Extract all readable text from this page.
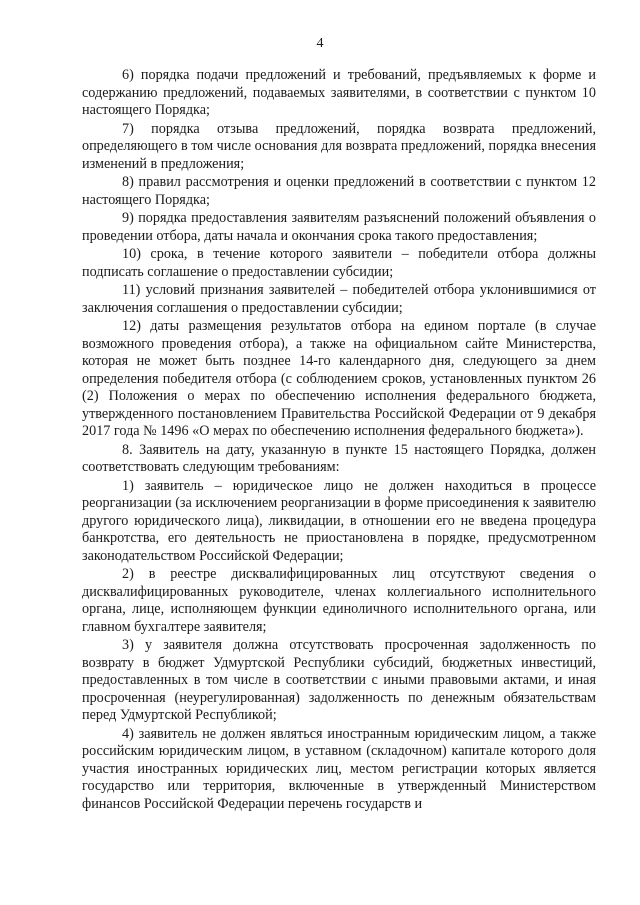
4

6) порядка подачи предложений и требований, предъявляемых к форме и содержанию предложений, подаваемых заявителями, в соответствии с пунктом 10 настоящего Порядка;

7) порядка отзыва предложений, порядка возврата предложений, определяющего в том числе основания для возврата предложений, порядка внесения изменений в предложения;

8) правил рассмотрения и оценки предложений в соответствии с пунктом 12 настоящего Порядка;

9) порядка предоставления заявителям разъяснений положений объявления о проведении отбора, даты начала и окончания срока такого предоставления;

10) срока, в течение которого заявители – победители отбора должны подписать соглашение о предоставлении субсидии;

11) условий признания заявителей – победителей отбора уклонившимися от заключения соглашения о предоставлении субсидии;

12) даты размещения результатов отбора на едином портале (в случае возможного проведения отбора), а также на официальном сайте Министерства, которая не может быть позднее 14-го календарного дня, следующего за днем определения победителя отбора (с соблюдением сроков, установленных пунктом 26 (2) Положения о мерах по обеспечению исполнения федерального бюджета, утвержденного постановлением Правительства Российской Федерации от 9 декабря 2017 года № 1496 «О мерах по обеспечению исполнения федерального бюджета»).

8. Заявитель на дату, указанную в пункте 15 настоящего Порядка, должен соответствовать следующим требованиям:

1) заявитель – юридическое лицо не должен находиться в процессе реорганизации (за исключением реорганизации в форме присоединения к заявителю другого юридического лица), ликвидации, в отношении его не введена процедура банкротства, его деятельность не приостановлена в порядке, предусмотренном законодательством Российской Федерации;

2) в реестре дисквалифицированных лиц отсутствуют сведения о дисквалифицированных руководителе, членах коллегиального исполнительного органа, лице, исполняющем функции единоличного исполнительного органа, или главном бухгалтере заявителя;

3) у заявителя должна отсутствовать просроченная задолженность по возврату в бюджет Удмуртской Республики субсидий, бюджетных инвестиций, предоставленных в том числе в соответствии с иными правовыми актами, и иная просроченная (неурегулированная) задолженность по денежным обязательствам перед Удмуртской Республикой;

4) заявитель не должен являться иностранным юридическим лицом, а также российским юридическим лицом, в уставном (складочном) капитале которого доля участия иностранных юридических лиц, местом регистрации которых является государство или территория, включенные в утвержденный Министерством финансов Российской Федерации перечень государств и
